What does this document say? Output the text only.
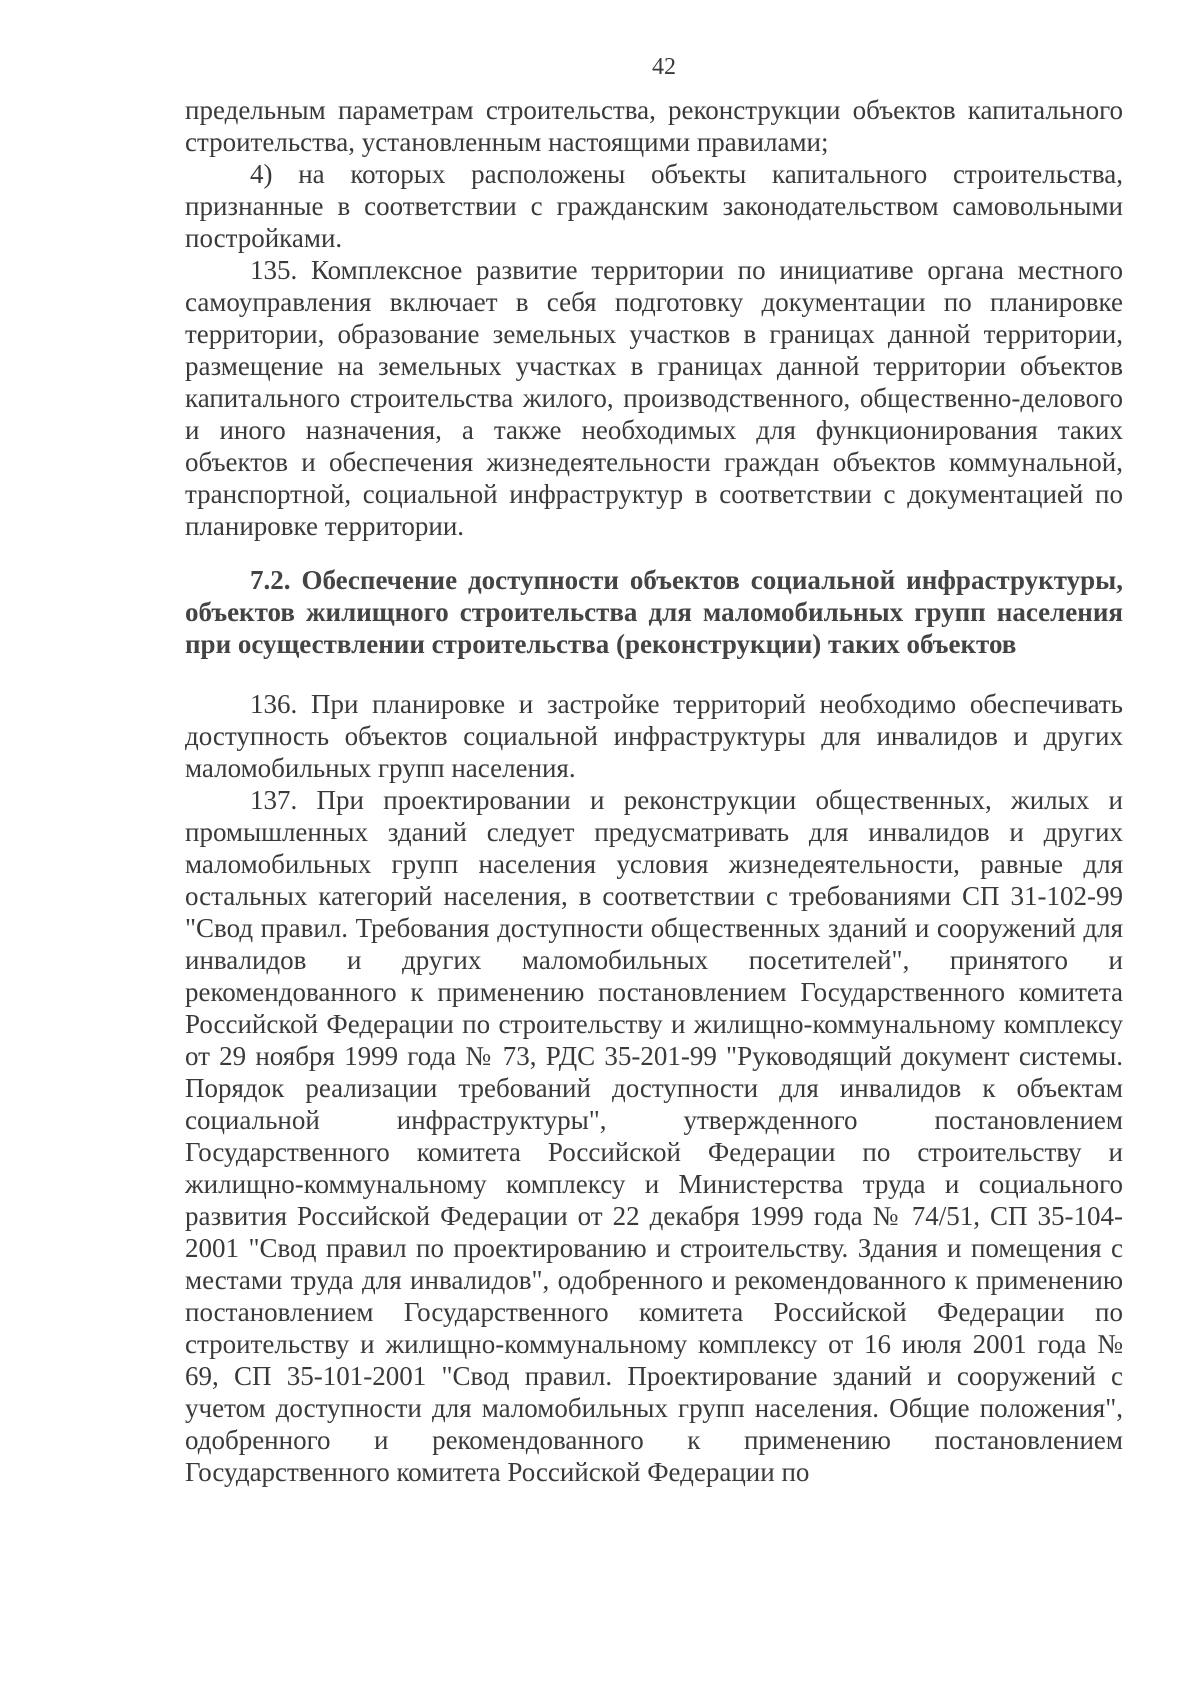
42

предельным параметрам строительства, реконструкции объектов капитального строительства, установленным настоящими правилами;

4) на которых расположены объекты капитального строительства, признанные в соответствии с гражданским законодательством самовольными постройками.

135. Комплексное развитие территории по инициативе органа местного самоуправления включает в себя подготовку документации по планировке территории, образование земельных участков в границах данной территории, размещение на земельных участках в границах данной территории объектов капитального строительства жилого, производственного, общественно-делового и иного назначения, а также необходимых для функционирования таких объектов и обеспечения жизнедеятельности граждан объектов коммунальной, транспортной, социальной инфраструктур в соответствии с документацией по планировке территории.

7.2. Обеспечение доступности объектов социальной инфраструктуры, объектов жилищного строительства для маломобильных групп населения при осуществлении строительства (реконструкции) таких объектов

136. При планировке и застройке территорий необходимо обеспечивать доступность объектов социальной инфраструктуры для инвалидов и других маломобильных групп населения.

137. При проектировании и реконструкции общественных, жилых и промышленных зданий следует предусматривать для инвалидов и других маломобильных групп населения условия жизнедеятельности, равные для остальных категорий населения, в соответствии с требованиями СП 31-102-99 "Свод правил. Требования доступности общественных зданий и сооружений для инвалидов и других маломобильных посетителей", принятого и рекомендованного к применению постановлением Государственного комитета Российской Федерации по строительству и жилищно-коммунальному комплексу от 29 ноября 1999 года № 73, РДС 35-201-99 "Руководящий документ системы. Порядок реализации требований доступности для инвалидов к объектам социальной инфраструктуры", утвержденного постановлением Государственного комитета Российской Федерации по строительству и жилищно-коммунальному комплексу и Министерства труда и социального развития Российской Федерации от 22 декабря 1999 года № 74/51, СП 35-104-2001 "Свод правил по проектированию и строительству. Здания и помещения с местами труда для инвалидов", одобренного и рекомендованного к применению постановлением Государственного комитета Российской Федерации по строительству и жилищно-коммунальному комплексу от 16 июля 2001 года № 69, СП 35-101-2001 "Свод правил. Проектирование зданий и сооружений с учетом доступности для маломобильных групп населения. Общие положения", одобренного и рекомендованного к применению постановлением Государственного комитета Российской Федерации по
